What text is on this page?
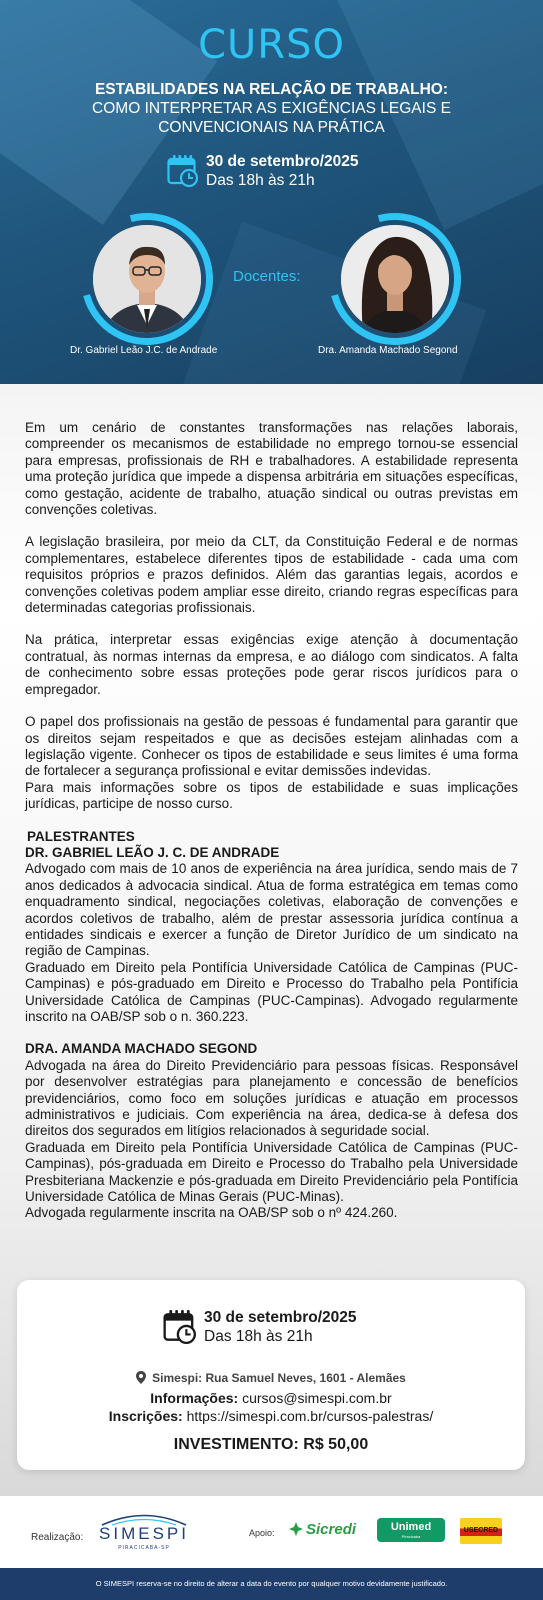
CURSO
ESTABILIDADES NA RELAÇÃO DE TRABALHO:
COMO INTERPRETAR AS EXIGÊNCIAS LEGAIS E
CONVENCIONAIS NA PRÁTICA
30 de setembro/2025
Das 18h às 21h
Docentes:
Dr. Gabriel Leão J.C. de Andrade	Dra. Amanda Machado Segond

Em um cenário de constantes transformações nas relações laborais, compreender os mecanismos de estabilidade no emprego tornou-se essencial para empresas, profissionais de RH e trabalhadores. A estabilidade representa uma proteção jurídica que impede a dispensa arbitrária em situações específicas, como gestação, acidente de trabalho, atuação sindical ou outras previstas em convenções coletivas.

A legislação brasileira, por meio da CLT, da Constituição Federal e de normas complementares, estabelece diferentes tipos de estabilidade - cada uma com requisitos próprios e prazos definidos. Além das garantias legais, acordos e convenções coletivas podem ampliar esse direito, criando regras específicas para determinadas categorias profissionais.

Na prática, interpretar essas exigências exige atenção à documentação contratual, às normas internas da empresa, e ao diálogo com sindicatos. A falta de conhecimento sobre essas proteções pode gerar riscos jurídicos para o empregador.

O papel dos profissionais na gestão de pessoas é fundamental para garantir que os direitos sejam respeitados e que as decisões estejam alinhadas com a legislação vigente. Conhecer os tipos de estabilidade e seus limites é uma forma de fortalecer a segurança profissional e evitar demissões indevidas.

Para mais informações sobre os tipos de estabilidade e suas implicações jurídicas, participe de nosso curso.

PALESTRANTES
DR. GABRIEL LEÃO J. C. DE ANDRADE

Advogado com mais de 10 anos de experiência na área jurídica, sendo mais de 7 anos dedicados à advocacia sindical. Atua de forma estratégica em temas como enquadramento sindical, negociações coletivas, elaboração de convenções e acordos coletivos de trabalho, além de prestar assessoria jurídica contínua a entidades sindicais e exercer a função de Diretor Jurídico de um sindicato na região de Campinas.

Graduado em Direito pela Pontifícia Universidade Católica de Campinas (PUC-Campinas) e pós-graduado em Direito e Processo do Trabalho pela Pontifícia Universidade Católica de Campinas (PUC-Campinas). Advogado regularmente inscrito na OAB/SP sob o n. 360.223.

DRA. AMANDA MACHADO SEGOND

Advogada na área do Direito Previdenciário para pessoas físicas. Responsável por desenvolver estratégias para planejamento e concessão de benefícios previdenciários, como foco em soluções jurídicas e atuação em processos administrativos e judiciais. Com experiência na área, dedica-se à defesa dos direitos dos segurados em litígios relacionados à seguridade social.

Graduada em Direito pela Pontifícia Universidade Católica de Campinas (PUC-Campinas), pós-graduada em Direito e Processo do Trabalho pela Universidade Presbiteriana Mackenzie e pós-graduada em Direito Previdenciário pela Pontifícia Universidade Católica de Minas Gerais (PUC-Minas).

Advogada regularmente inscrita na OAB/SP sob o nº 424.260.

30 de setembro/2025
Das 18h às 21h
Simespi: Rua Samuel Neves, 1601 - Alemães
Informações: cursos@simespi.com.br
Inscrições: https://simespi.com.br/cursos-palestras/
INVESTIMENTO: R$ 50,00
Realização: SIMESPI
PIRACICABA-SP
Apoio:	Sicredi	Unimed
Piracicaba
USECRED
O SIMESPI reserva-se no direito de alterar a data do evento por qualquer motivo devidamente justificado.
